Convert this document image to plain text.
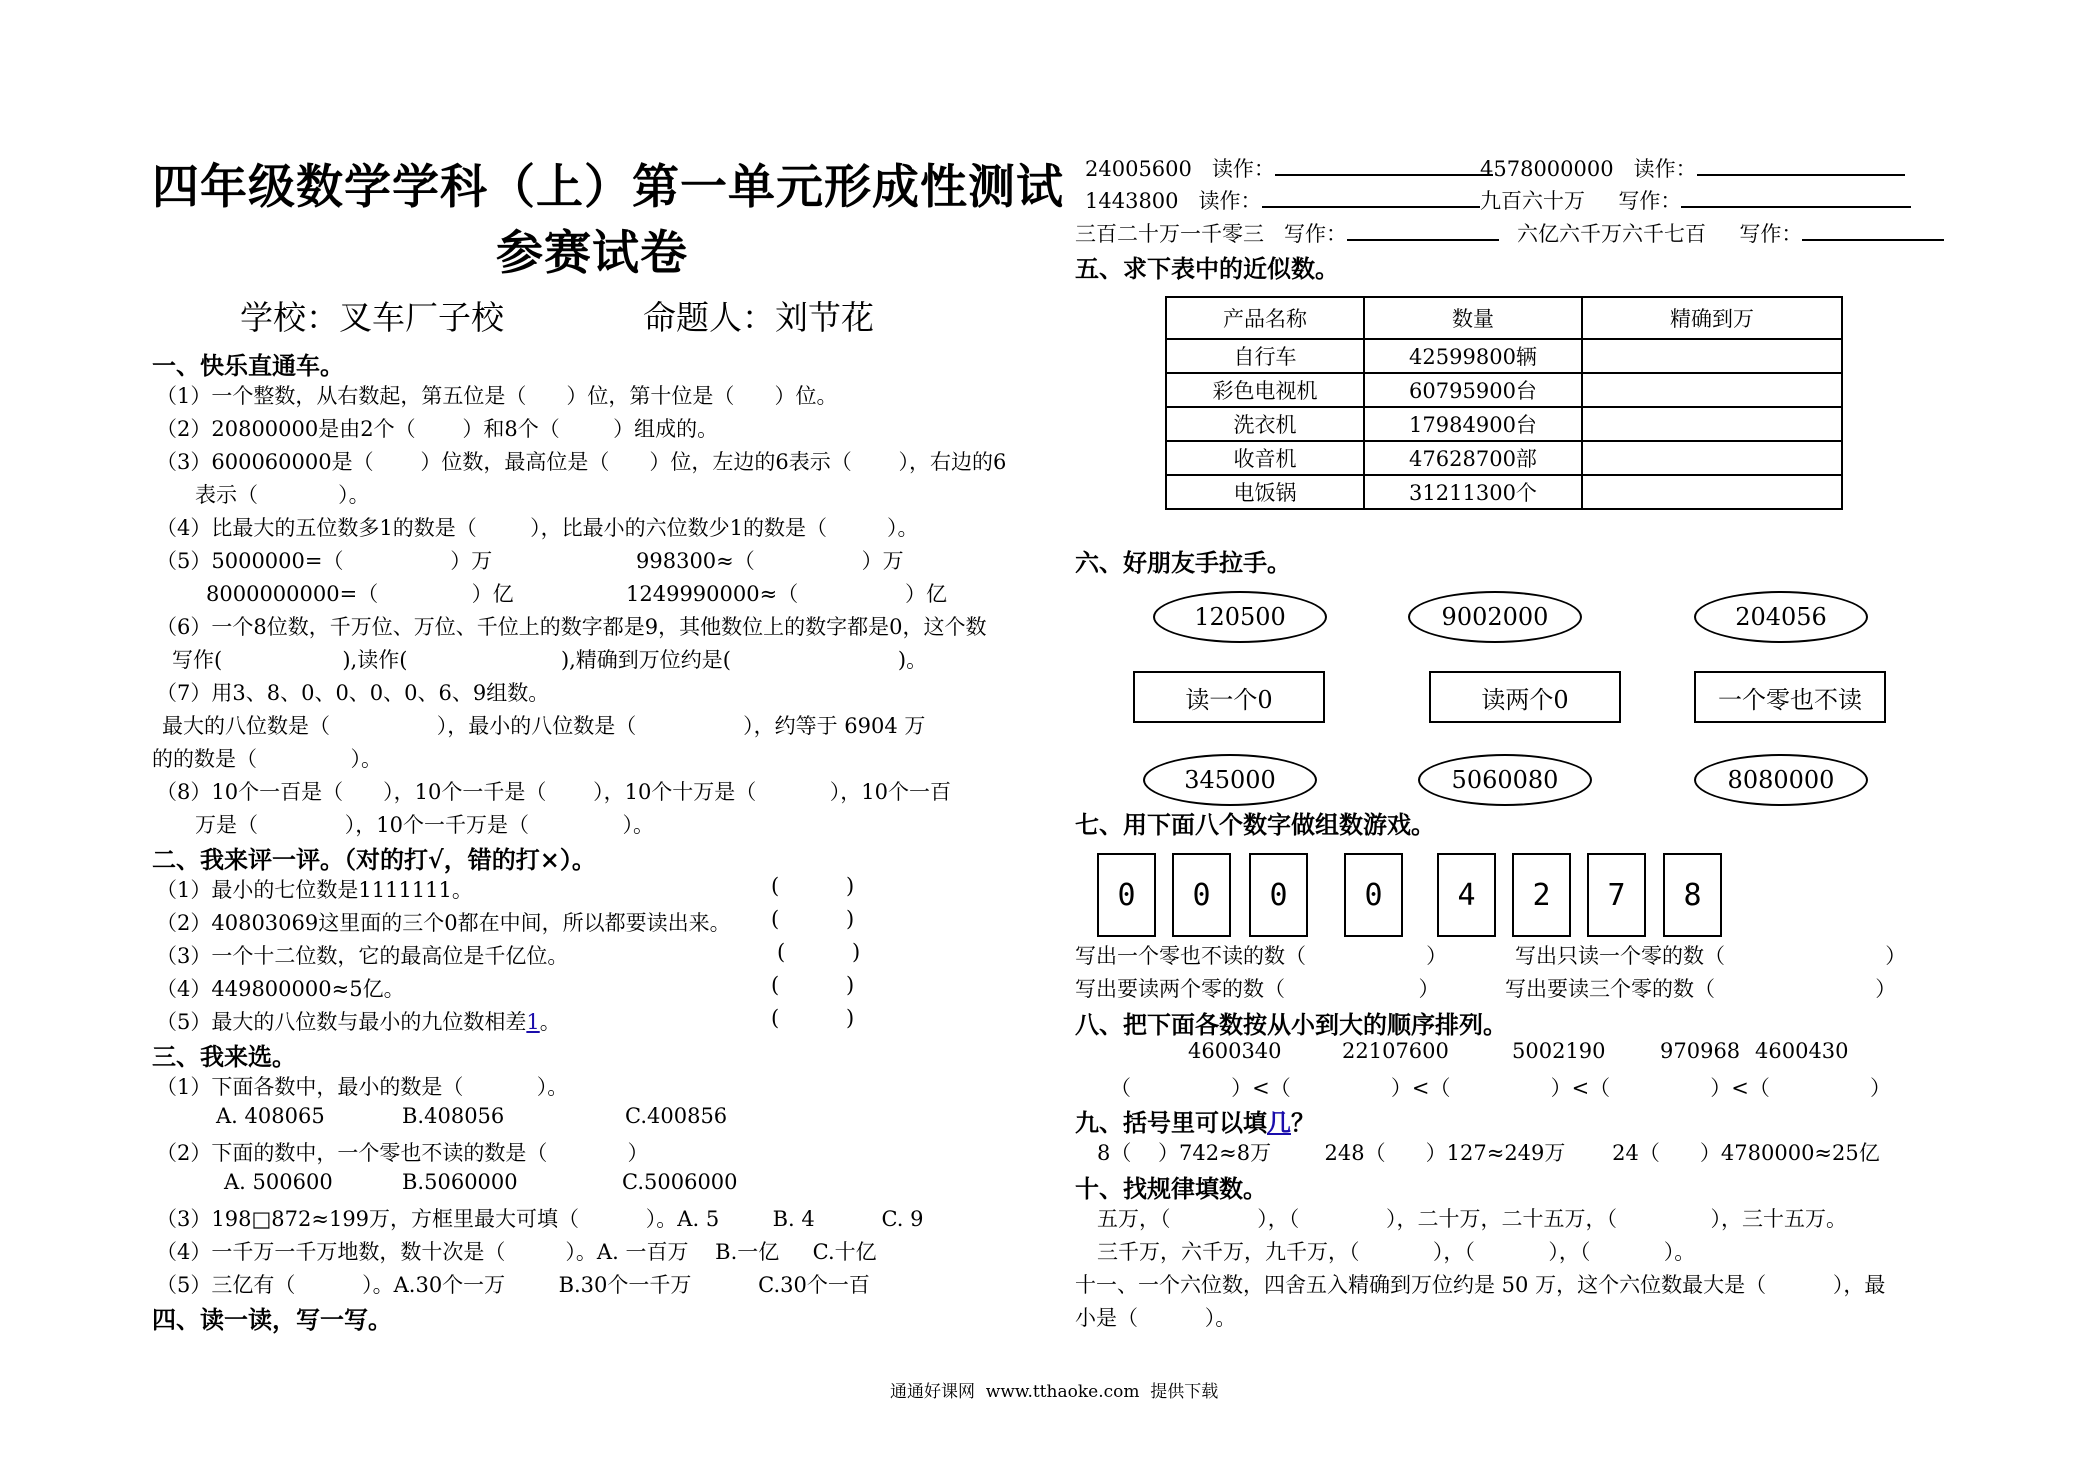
四年级数学学科（上）第一单元形成性测试
参赛试卷
学校：叉车厂子校	命题人：刘节花
一、快乐直通车。
（1）一个整数，从右数起，第五位是（      ）位，第十位是（      ）位。
（2）20800000是由2个（       ）和8个（        ）组成的。
（3）600060000是（       ）位数，最高位是（      ）位，左边的6表示（       ），右边的6
表示（            ）。
（4）比最大的五位数多1的数是（        ），比最小的六位数少1的数是（         ）。
（5）5000000=（                ）万	998300≈（                ）万
8000000000=（              ）亿	1249990000≈（                ）亿
（6）一个8位数，千万位、万位、千位上的数字都是9，其他数位上的数字都是0，这个数
写作(                  ),读作(                       ),精确到万位约是(                         )。
（7）用3、8、0、0、0、0、6、9组数。
最大的八位数是（                ），最小的八位数是（                ），约等于 6904 万
的的数是（              ）。
（8）10个一百是（      ），10个一千是（       ），10个十万是（           ），10个一百
万是（             ），10个一千万是（              ）。
二、我来评一评。（对的打√，错的打×）。
（1）最小的七位数是1111111。	(          )
（2）40803069这里面的三个0都在中间，所以都要读出来。 (          )
（3）一个十二位数，它的最高位是千亿位。	(          )
（4）449800000≈5亿。	(          )
（5）最大的八位数与最小的九位数相差1。	(          )
三、我来选。
（1）下面各数中，最小的数是（           ）。
A. 408065	B.408056	C.400856
（2）下面的数中，一个零也不读的数是（            ）
A. 500600	B.5060000	C.5006000
（3）198□872≈199万，方框里最大可填（          ）。A. 5        B. 4          C. 9
（4）一千万一千万地数，数十次是（         ）。A. 一百万    B.一亿     C.十亿
（5）三亿有（          ）。A.30个一万        B.30个一千万          C.30个一百
四、读一读，写一写。
24005600   读作：	4578000000   读作：
1443800   读作：	九百六十万     写作：
三百二十万一千零三   写作：	六亿六千万六千七百     写作：
五、求下表中的近似数。
产品名称	数量	精确到万
自行车	42599800辆	
彩色电视机	60795900台	
洗衣机	17984900台	
收音机	47628700部	
电饭锅	31211300个	
六、好朋友手拉手。
120500	9002000	204056
读一个0	读两个0	一个零也不读
345000	5060080	8080000
七、用下面八个数字做组数游戏。
0	0	0	0	4	2	7	8
写出一个零也不读的数（                  ）	写出只读一个零的数（                        ）
写出要读两个零的数（                    ）	写出要读三个零的数（                        ）
八、把下面各数按从小到大的顺序排列。
4600340	22107600	5002190	970968 4600430
（               ）<（               ）<（               ）<（               ）<（               ）
九、括号里可以填几？
8（    ）742≈8万        248（      ）127≈249万       24（      ）4780000≈25亿
十、找规律填数。
五万，（             ），（             ），二十万，二十五万，（              ），三十五万。
三千万，六千万，九千万，（           ），（           ），（           ）。
十一、一个六位数，四舍五入精确到万位约是 50 万，这个六位数最大是（          ），最
小是（          ）。
通通好课网  www.tthaoke.com  提供下载
